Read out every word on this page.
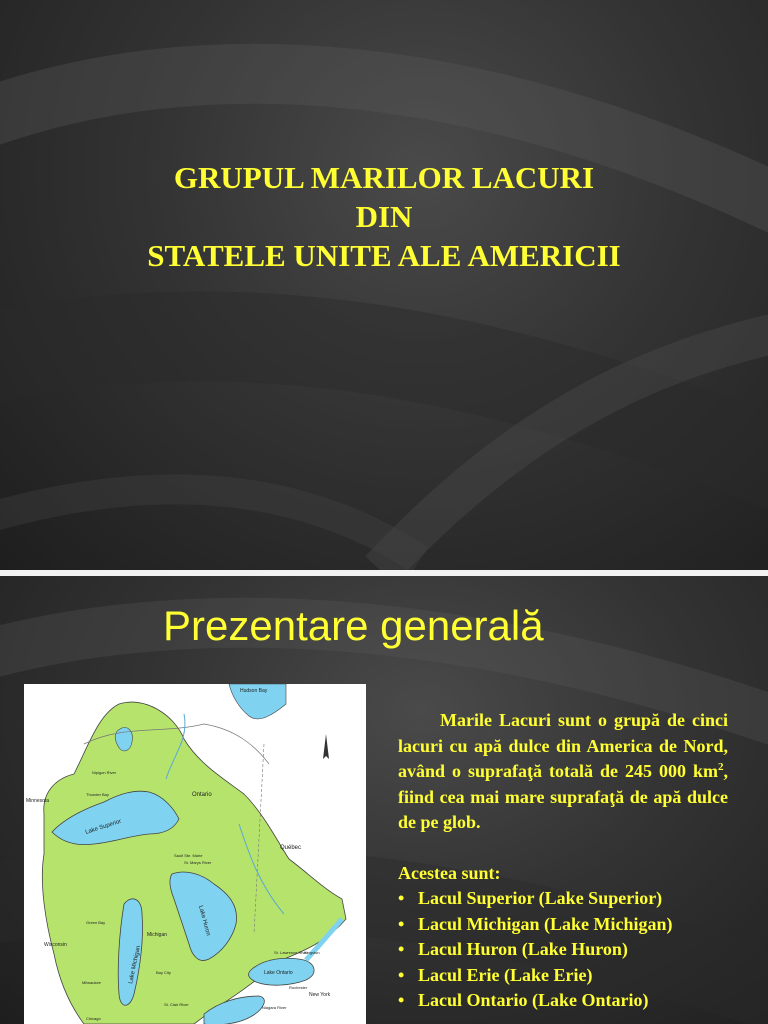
GRUPUL MARILOR LACURI
DIN
STATELE UNITE ALE AMERICII
Prezentare generală
Hudson Bay
Ontario
Québec
Minnesota
Wisconsin
Michigan
Lake Superior
Lake Michigan
Lake Huron
Lake Ontario
New York
Thunder Bay
Nipigon River
St. Marys River
Sault Ste. Marie
St. Lawrence River
St. Clair River
Bay City
Milwaukee
Chicago
Green Bay
Kingston
Niagara River
Rochester

Marile Lacuri sunt o grupă de cinci lacuri cu apă dulce din America de Nord, având o suprafaţă totală de 245 000 $km^2$, fiind cea mai mare suprafaţă de apă dulce de pe glob.

Acestea sunt:
• Lacul Superior (Lake Superior)
• Lacul Michigan (Lake Michigan)
• Lacul Huron (Lake Huron)
• Lacul Erie (Lake Erie)
• Lacul Ontario (Lake Ontario)
